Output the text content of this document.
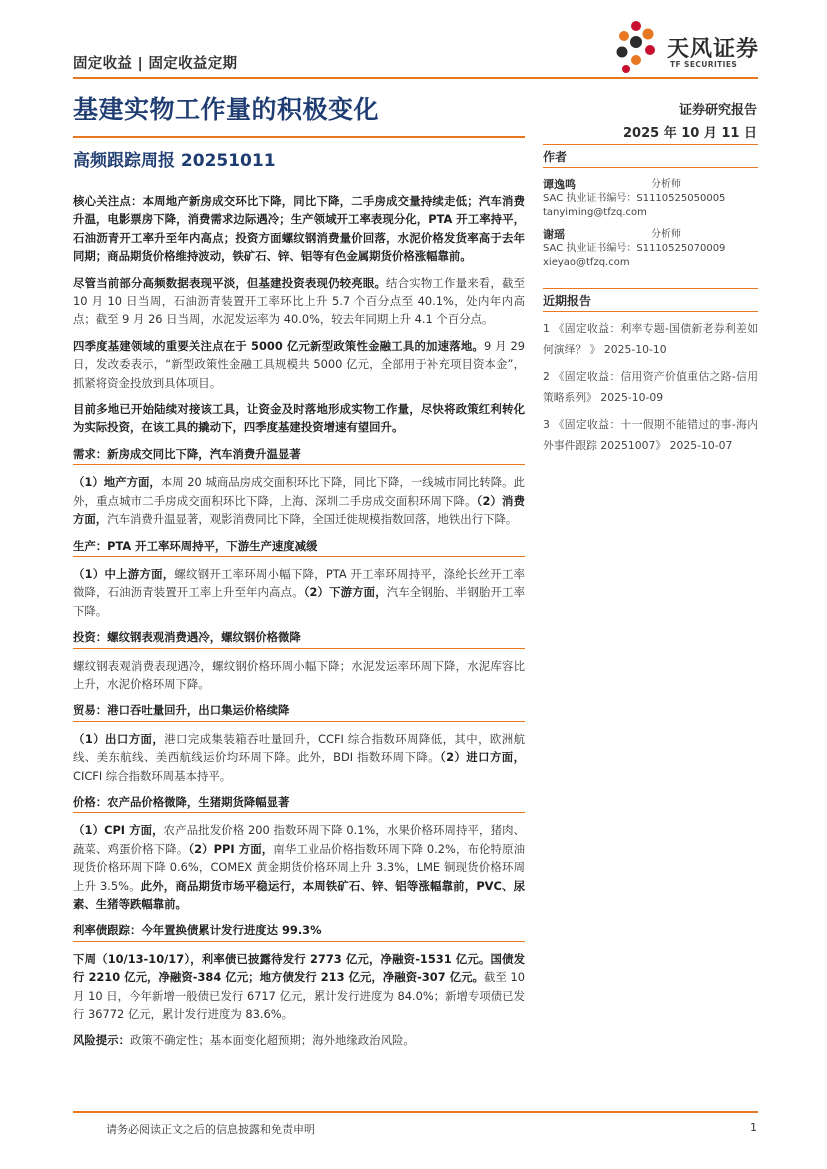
固定收益 | 固定收益定期
天风证券
TF SECURITIES
基建实物工作量的积极变化	证券研究报告
2025 年 10 月 11 日
高频跟踪周报 20251011

核心关注点：本周地产新房成交环比下降，同比下降，二手房成交量持续走低；汽车消费升温，电影票房下降，消费需求边际遇冷；生产领域开工率表现分化，PTA 开工率持平，石油沥青开工率升至年内高点；投资方面螺纹钢消费量价回落，水泥价格发货率高于去年同期；商品期货价格维持波动，铁矿石、锌、铝等有色金属期货价格涨幅靠前。

尽管当前部分高频数据表现平淡，但基建投资表现仍较亮眼。结合实物工作量来看，截至 10 月 10 日当周，石油沥青装置开工率环比上升 5.7 个百分点至 40.1%，处内年内高点；截至 9 月 26 日当周，水泥发运率为 40.0%，较去年同期上升 4.1 个百分点。

四季度基建领域的重要关注点在于 5000 亿元新型政策性金融工具的加速落地。9 月 29 日，发改委表示，“新型政策性金融工具规模共 5000 亿元，全部用于补充项目资本金”，抓紧将资金投放到具体项目。

目前多地已开始陆续对接该工具，让资金及时落地形成实物工作量，尽快将政策红利转化为实际投资，在该工具的撬动下，四季度基建投资增速有望回升。

需求：新房成交同比下降，汽车消费升温显著

（1）地产方面，本周 20 城商品房成交面积环比下降，同比下降，一线城市同比转降。此外，重点城市二手房成交面积环比下降，上海、深圳二手房成交面积环周下降。（2）消费方面，汽车消费升温显著，观影消费同比下降，全国迁徙规模指数回落，地铁出行下降。

生产：PTA 开工率环周持平，下游生产速度减缓

（1）中上游方面，螺纹钢开工率环周小幅下降，PTA 开工率环周持平，涤纶长丝开工率微降，石油沥青装置开工率上升至年内高点。（2）下游方面，汽车全钢胎、半钢胎开工率下降。

投资：螺纹钢表观消费遇冷，螺纹钢价格微降

螺纹钢表观消费表现遇冷，螺纹钢价格环周小幅下降；水泥发运率环周下降，水泥库容比上升，水泥价格环周下降。

贸易：港口吞吐量回升，出口集运价格续降

（1）出口方面，港口完成集装箱吞吐量回升，CCFI 综合指数环周降低，其中，欧洲航线、美东航线、美西航线运价均环周下降。此外，BDI 指数环周下降。（2）进口方面，CICFI 综合指数环周基本持平。

价格：农产品价格微降，生猪期货降幅显著

（1）CPI 方面，农产品批发价格 200 指数环周下降 0.1%，水果价格环周持平，猪肉、蔬菜、鸡蛋价格下降。（2）PPI 方面，南华工业品价格指数环周下降 0.2%，布伦特原油现货价格环周下降 0.6%，COMEX 黄金期货价格环周上升 3.3%，LME 铜现货价格环周上升 3.5%。此外，商品期货市场平稳运行，本周铁矿石、锌、铝等涨幅靠前，PVC、尿素、生猪等跌幅靠前。

利率债跟踪：今年置换债累计发行进度达 99.3%

下周（10/13-10/17），利率债已披露待发行 2773 亿元，净融资-1531 亿元。国债发行 2210 亿元，净融资-384 亿元；地方债发行 213 亿元，净融资-307 亿元。截至 10 月 10 日，今年新增一般债已发行 6717 亿元，累计发行进度为 84.0%；新增专项债已发行 36772 亿元，累计发行进度为 83.6%。

风险提示：政策不确定性；基本面变化超预期；海外地缘政治风险。

作者
谭逸鸣	分析师
SAC 执业证书编号：S1110525050005
tanyiming@tfzq.com
谢瑶	分析师
SAC 执业证书编号：S1110525070009
xieyao@tfzq.com
近期报告
1 《固定收益：利率专题-国债新老券利差如何演绎？ 》 2025-10-10
2 《固定收益：信用资产价值重估之路-信用策略系列》 2025-10-09
3 《固定收益：十一假期不能错过的事-海内外事件跟踪 20251007》 2025-10-07
请务必阅读正文之后的信息披露和免责申明	1
